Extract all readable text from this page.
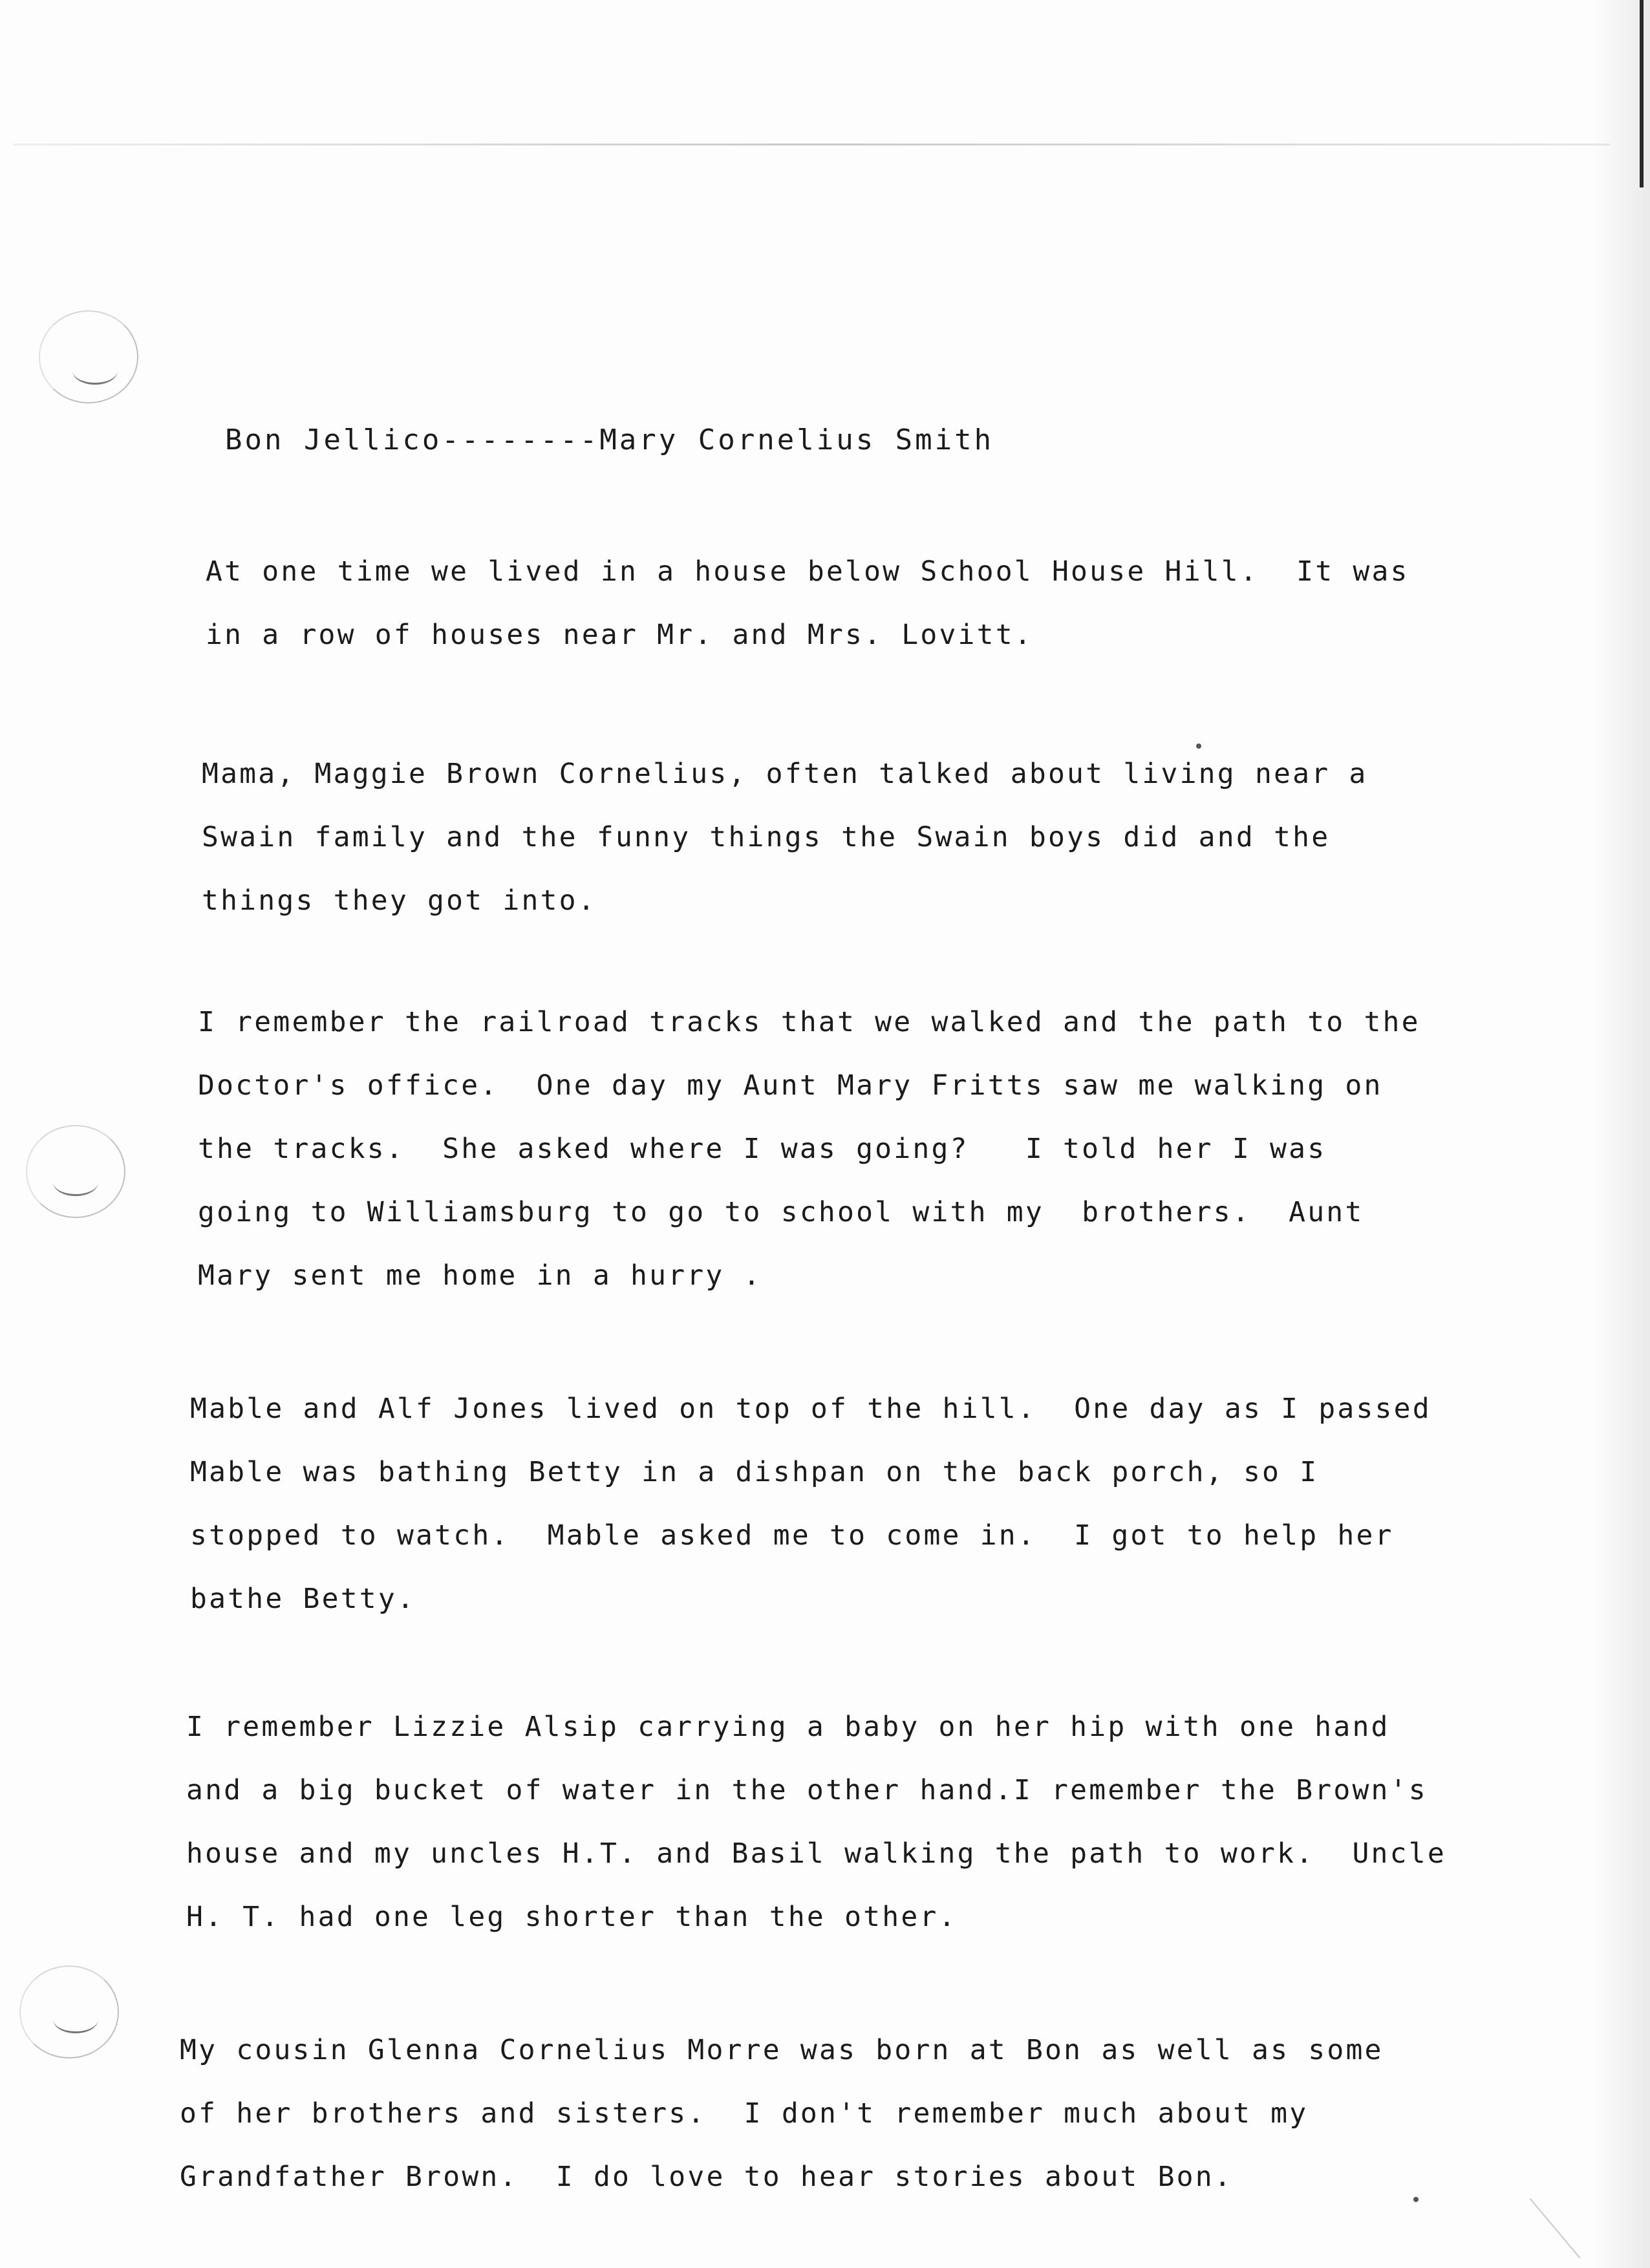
Bon Jellico--------Mary Cornelius Smith
At one time we lived in a house below School House Hill.  It was
in a row of houses near Mr. and Mrs. Lovitt.
Mama, Maggie Brown Cornelius, often talked about living near a
Swain family and the funny things the Swain boys did and the
things they got into.
I remember the railroad tracks that we walked and the path to the
Doctor's office.  One day my Aunt Mary Fritts saw me walking on
the tracks.  She asked where I was going?   I told her I was
going to Williamsburg to go to school with my  brothers.  Aunt
Mary sent me home in a hurry .
Mable and Alf Jones lived on top of the hill.  One day as I passed
Mable was bathing Betty in a dishpan on the back porch, so I
stopped to watch.  Mable asked me to come in.  I got to help her
bathe Betty.
I remember Lizzie Alsip carrying a baby on her hip with one hand
and a big bucket of water in the other hand.I remember the Brown's
house and my uncles H.T. and Basil walking the path to work.  Uncle
H. T. had one leg shorter than the other.
My cousin Glenna Cornelius Morre was born at Bon as well as some
of her brothers and sisters.  I don't remember much about my
Grandfather Brown.  I do love to hear stories about Bon.
